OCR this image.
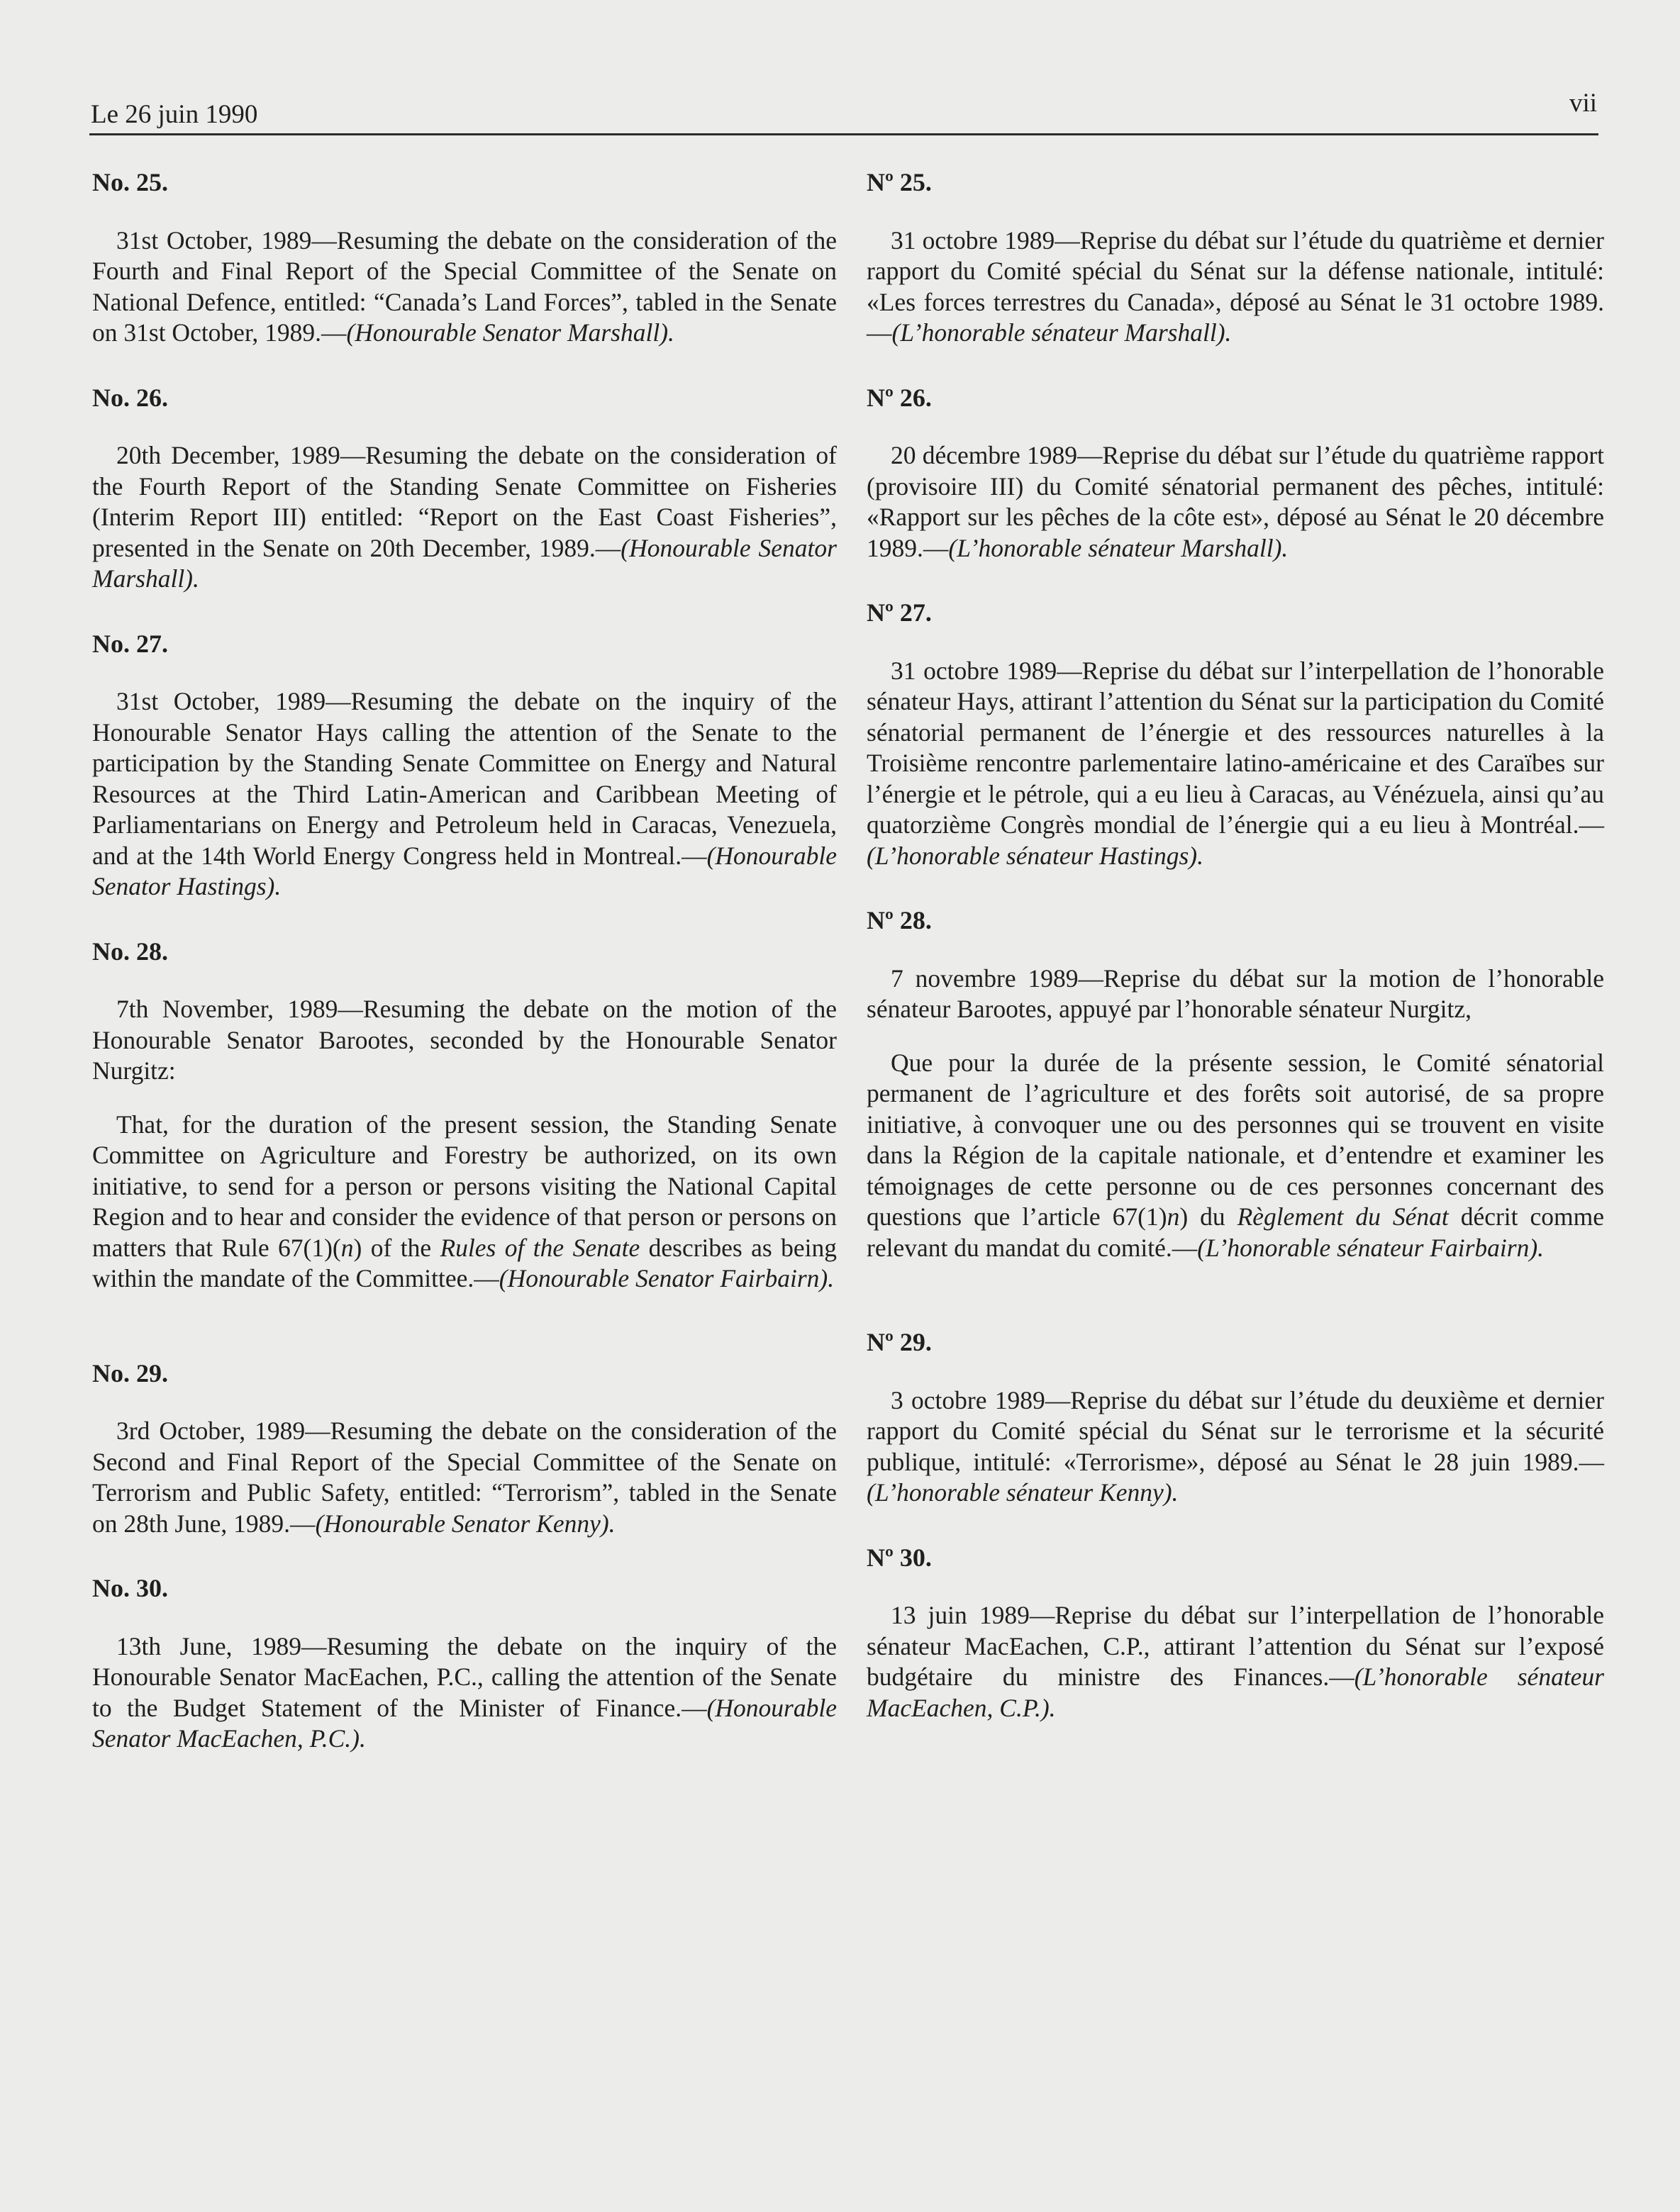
Le 26 juin 1990	vii

No. 25.

31st October, 1989—Resuming the debate on the consideration of the Fourth and Final Report of the Special Committee of the Senate on National Defence, entitled: “Canada’s Land Forces”, tabled in the Senate on 31st October, 1989.—(Honourable Senator Marshall).

No. 26.

20th December, 1989—Resuming the debate on the consideration of the Fourth Report of the Standing Senate Committee on Fisheries (Interim Report III) entitled: “Report on the East Coast Fisheries”, presented in the Senate on 20th December, 1989.—(Honourable Senator Marshall).

No. 27.

31st October, 1989—Resuming the debate on the inquiry of the Honourable Senator Hays calling the attention of the Senate to the participation by the Standing Senate Committee on Energy and Natural Resources at the Third Latin-American and Caribbean Meeting of Parliamentarians on Energy and Petroleum held in Caracas, Venezuela, and at the 14th World Energy Congress held in Montreal.—(Honourable Senator Hastings).

No. 28.

7th November, 1989—Resuming the debate on the motion of the Honourable Senator Barootes, seconded by the Honourable Senator Nurgitz:

That, for the duration of the present session, the Standing Senate Committee on Agriculture and Forestry be authorized, on its own initiative, to send for a person or persons visiting the National Capital Region and to hear and consider the evidence of that person or persons on matters that Rule 67(1)(n) of the Rules of the Senate describes as being within the mandate of the Committee.—(Honourable Senator Fairbairn).

No. 29.

3rd October, 1989—Resuming the debate on the consideration of the Second and Final Report of the Special Committee of the Senate on Terrorism and Public Safety, entitled: “Terrorism”, tabled in the Senate on 28th June, 1989.—(Honourable Senator Kenny).

No. 30.

13th June, 1989—Resuming the debate on the inquiry of the Honourable Senator MacEachen, P.C., calling the attention of the Senate to the Budget Statement of the Minister of Finance.—(Honourable Senator MacEachen, P.C.).

Nº 25.

31 octobre 1989—Reprise du débat sur l’étude du quatrième et dernier rapport du Comité spécial du Sénat sur la défense nationale, intitulé: «Les forces terrestres du Canada», déposé au Sénat le 31 octobre 1989.—(L’honorable sénateur Marshall).

Nº 26.

20 décembre 1989—Reprise du débat sur l’étude du quatrième rapport (provisoire III) du Comité sénatorial permanent des pêches, intitulé: «Rapport sur les pêches de la côte est», déposé au Sénat le 20 décembre 1989.—(L’honorable sénateur Marshall).

Nº 27.

31 octobre 1989—Reprise du débat sur l’interpellation de l’honorable sénateur Hays, attirant l’attention du Sénat sur la participation du Comité sénatorial permanent de l’énergie et des ressources naturelles à la Troisième rencontre parlementaire latino-américaine et des Caraïbes sur l’énergie et le pétrole, qui a eu lieu à Caracas, au Vénézuela, ainsi qu’au quatorzième Congrès mondial de l’énergie qui a eu lieu à Montréal.—(L’honorable sénateur Hastings).

Nº 28.

7 novembre 1989—Reprise du débat sur la motion de l’honorable sénateur Barootes, appuyé par l’honorable sénateur Nurgitz,

Que pour la durée de la présente session, le Comité sénatorial permanent de l’agriculture et des forêts soit autorisé, de sa propre initiative, à convoquer une ou des personnes qui se trouvent en visite dans la Région de la capitale nationale, et d’entendre et examiner les témoignages de cette personne ou de ces personnes concernant des questions que l’article 67(1)n) du Règlement du Sénat décrit comme relevant du mandat du comité.—(L’honorable sénateur Fairbairn).

Nº 29.

3 octobre 1989—Reprise du débat sur l’étude du deuxième et dernier rapport du Comité spécial du Sénat sur le terrorisme et la sécurité publique, intitulé: «Terrorisme», déposé au Sénat le 28 juin 1989.—(L’honorable sénateur Kenny).

Nº 30.

13 juin 1989—Reprise du débat sur l’interpellation de l’honorable sénateur MacEachen, C.P., attirant l’attention du Sénat sur l’exposé budgétaire du ministre des Finances.—(L’honorable sénateur MacEachen, C.P.).
